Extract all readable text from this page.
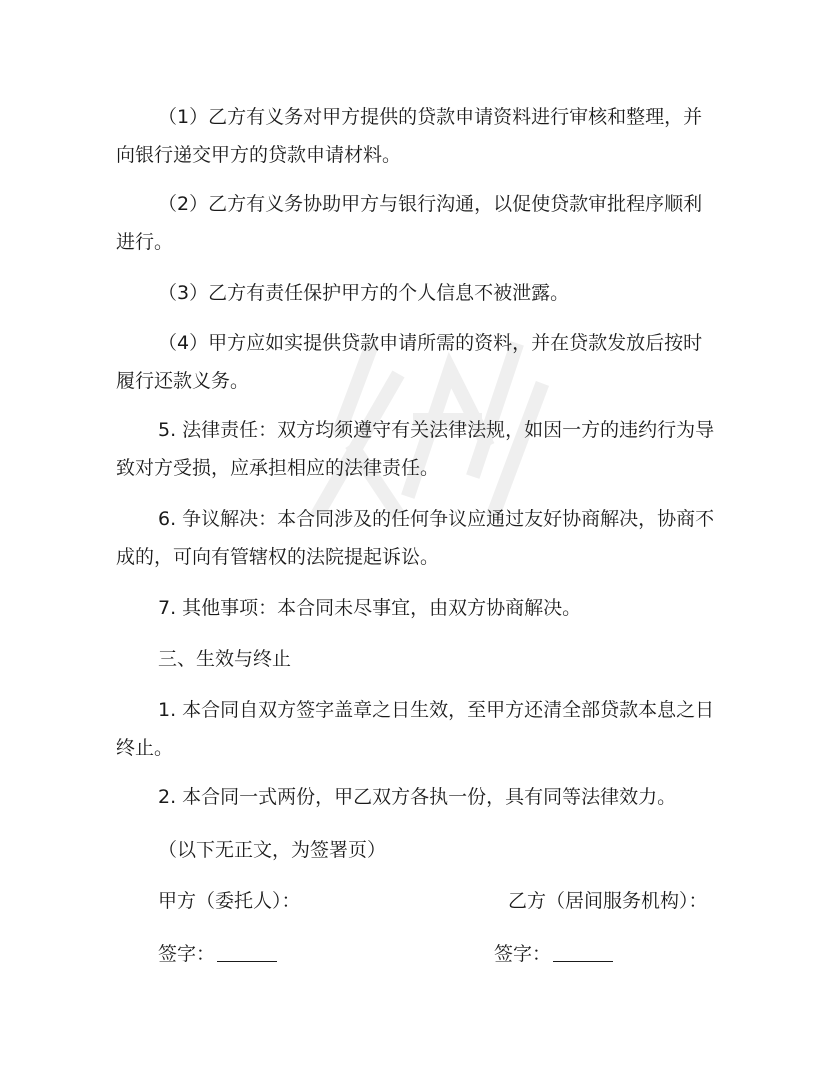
（1）乙方有义务对甲方提供的贷款申请资料进行审核和整理，并向银行递交甲方的贷款申请材料。

（2）乙方有义务协助甲方与银行沟通，以促使贷款审批程序顺利进行。

（3）乙方有责任保护甲方的个人信息不被泄露。

（4）甲方应如实提供贷款申请所需的资料，并在贷款发放后按时履行还款义务。

5. 法律责任：双方均须遵守有关法律法规，如因一方的违约行为导致对方受损，应承担相应的法律责任。

6. 争议解决：本合同涉及的任何争议应通过友好协商解决，协商不成的，可向有管辖权的法院提起诉讼。

7. 其他事项：本合同未尽事宜，由双方协商解决。

三、生效与终止

1. 本合同自双方签字盖章之日生效，至甲方还清全部贷款本息之日终止。

2. 本合同一式两份，甲乙双方各执一份，具有同等法律效力。

（以下无正文，为签署页）

甲方（委托人）：	乙方（居间服务机构）：
签字：	签字：
